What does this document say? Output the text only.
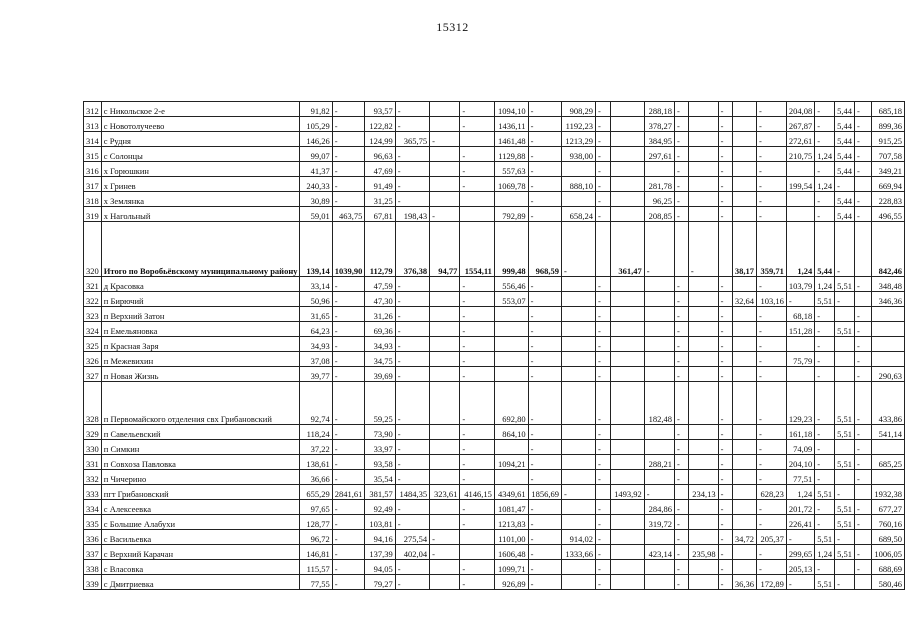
15312
312	с Никольское 2-е	91,82	-	93,57	-		-	1094,10	-	908,29	-		288,18	-		-		-	204,08	-	5,44	-	685,18
313	с Новотолучеево	105,29	-	122,82	-		-	1436,11	-	1192,23	-		378,27	-		-		-	267,87	-	5,44	-	899,36
314	с Рудня	146,26	-	124,99	365,75	-		1461,48	-	1213,29	-		384,95	-		-		-	272,61	-	5,44	-	915,25
315	с Солонцы	99,07	-	96,63	-		-	1129,88	-	938,00	-		297,61	-		-		-	210,75	1,24	5,44	-	707,58
316	х Горюшкин	41,37	-	47,69	-		-	557,63	-		-			-		-		-		-	5,44	-	349,21
317	х Гринев	240,33	-	91,49	-		-	1069,78	-	888,10	-		281,78	-		-		-	199,54	1,24	-		669,94
318	х Землянка	30,89	-	31,25	-				-		-		96,25	-		-		-		-	5,44	-	228,83
319	х Нагольный	59,01	463,75	67,81	198,43	-		792,89	-	658,24	-		208,85	-		-		-		-	5,44	-	496,55
320	Итого по Воробьёвскому муниципальному району	139,14	1039,90	112,79	376,38	94,77	1554,11	999,48	968,59	-		361,47	-		-		38,17	359,71	1,24	5,44	-		842,46
321	д Красовка	33,14	-	47,59	-		-	556,46	-		-			-		-		-	103,79	1,24	5,51	-	348,48
322	п Бирючий	50,96	-	47,30	-		-	553,07	-		-			-		-	32,64	103,16	-	5,51	-		346,36
323	п Верхний Затон	31,65	-	31,26	-		-		-		-			-		-		-	68,18	-		-	
324	п Емельяновка	64,23	-	69,36	-		-		-		-			-		-		-	151,28	-	5,51	-	
325	п Красная Заря	34,93	-	34,93	-		-		-		-			-		-		-		-		-	
326	п Межевихин	37,08	-	34,75	-		-		-		-			-		-		-	75,79	-		-	
327	п Новая Жизнь	39,77	-	39,69	-		-		-		-			-		-		-		-		-	290,63
328	п Первомайского отделения свх Грибановский	92,74	-	59,25	-		-	692,80	-		-		182,48	-		-		-	129,23	-	5,51	-	433,86
329	п Савельевский	118,24	-	73,90	-		-	864,10	-		-			-		-		-	161,18	-	5,51	-	541,14
330	п Симкин	37,22	-	33,97	-		-		-		-			-		-		-	74,09	-		-	
331	п Совхоза Павловка	138,61	-	93,58	-		-	1094,21	-		-		288,21	-		-		-	204,10	-	5,51	-	685,25
332	п Чичерино	36,66	-	35,54	-		-		-		-			-		-		-	77,51	-		-	
333	пгт Грибановский	655,29	2841,61	381,57	1484,35	323,61	4146,15	4349,61	1856,69	-		1493,92	-		234,13	-		628,23	1,24	5,51	-		1932,38
334	с Алексеевка	97,65	-	92,49	-		-	1081,47	-		-		284,86	-		-		-	201,72	-	5,51	-	677,27
335	с Большие Алабухи	128,77	-	103,81	-		-	1213,83	-		-		319,72	-		-		-	226,41	-	5,51	-	760,16
336	с Васильевка	96,72	-	94,16	275,54	-		1101,00	-	914,02	-			-		-	34,72	205,37	-	5,51	-		689,50
337	с Верхний Карачан	146,81	-	137,39	402,04	-		1606,48	-	1333,66	-		423,14	-	235,98	-		-	299,65	1,24	5,51	-	1006,05
338	с Власовка	115,57	-	94,05	-		-	1099,71	-		-			-		-		-	205,13	-		-	688,69
339	с Дмитриевка	77,55	-	79,27	-		-	926,89	-		-			-		-	36,36	172,89	-	5,51	-		580,46
